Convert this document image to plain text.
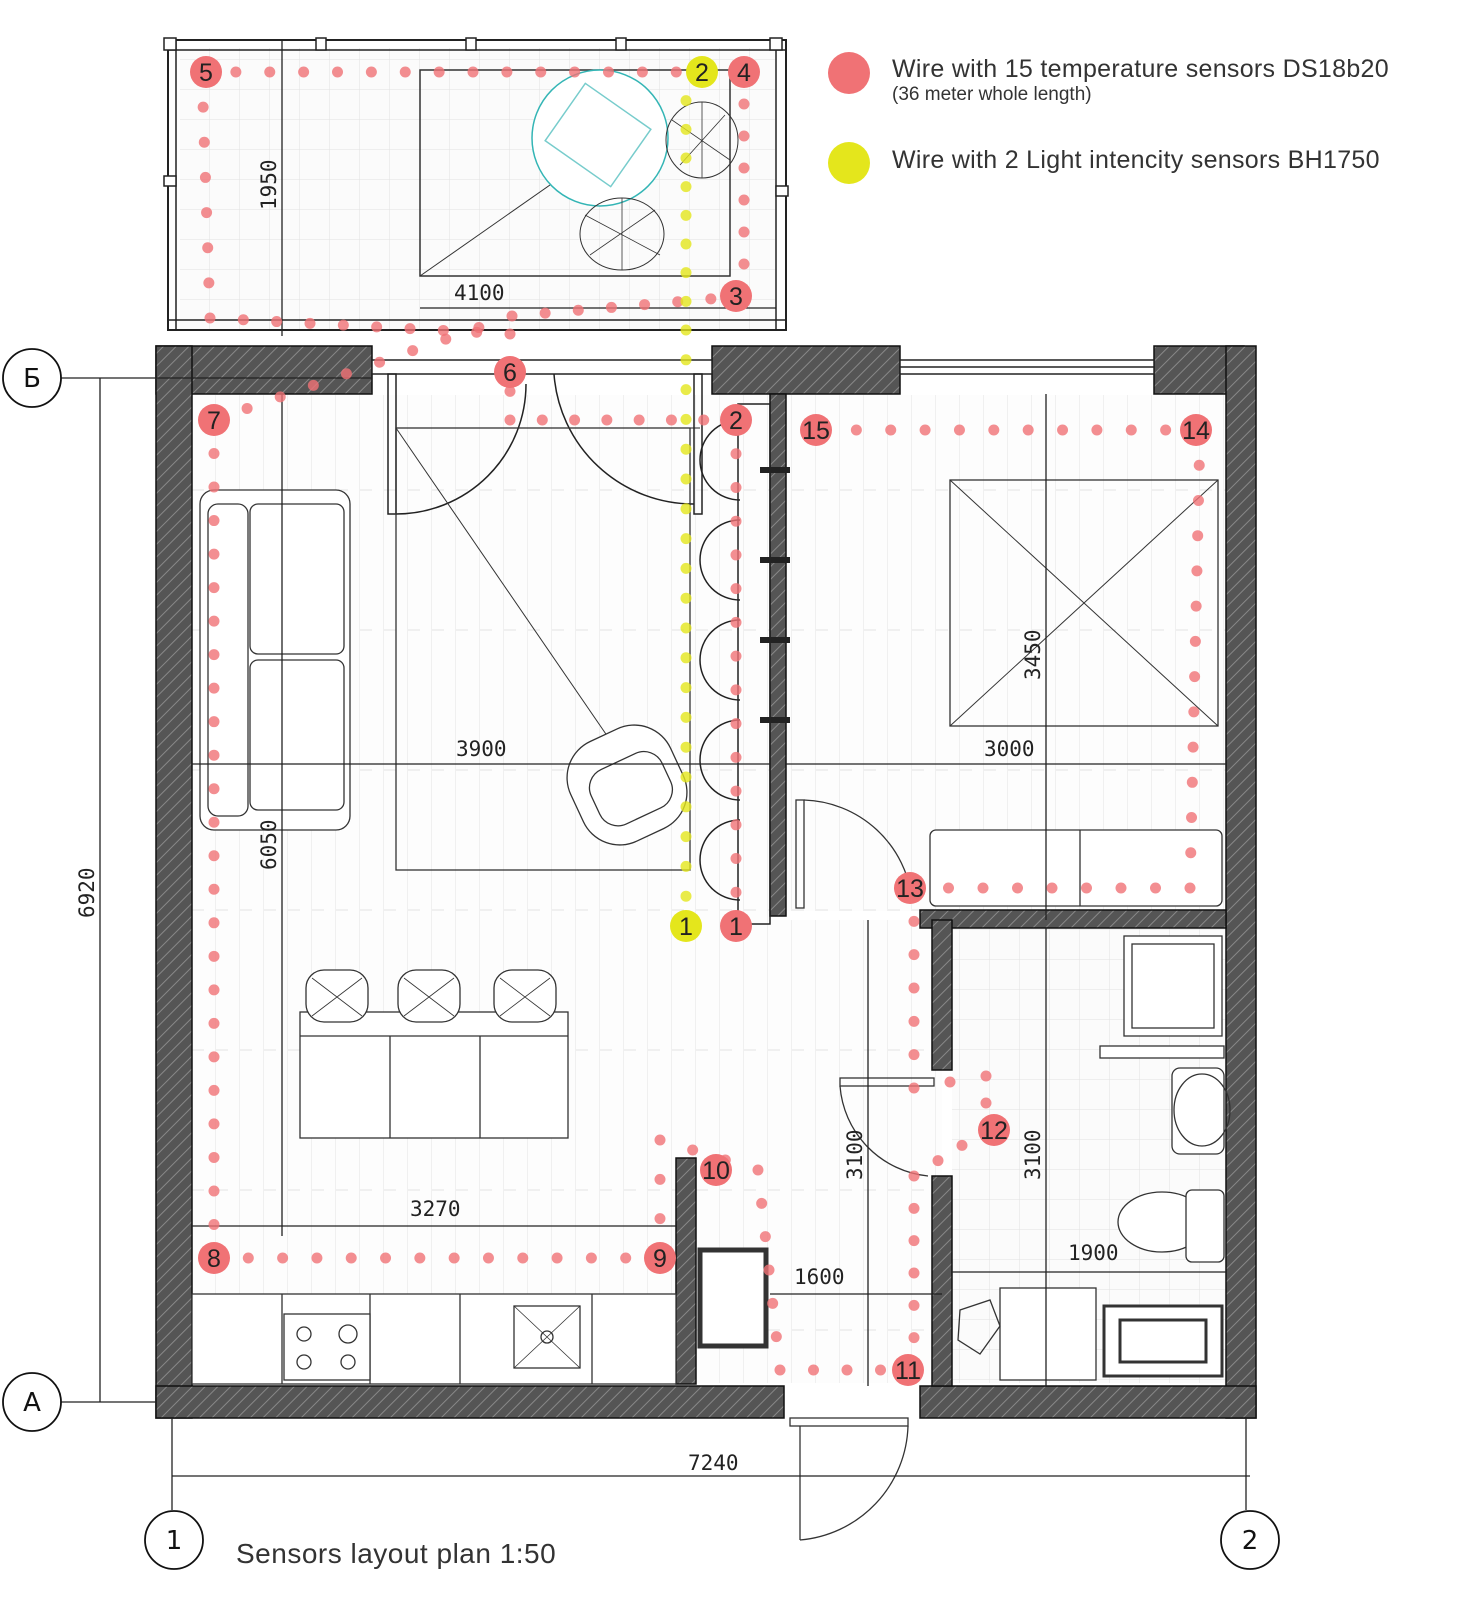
4100
1950
3900
6050
3270
3000
3450
1600
3100
1900
3100
6920
7240
Б
А
1	2
1
2
3
4
5
6
7
8	9
10
11
12
13
14
15
1
2	Wire with 15 temperature sensors DS18b20
(36 meter whole length)
Wire with 2 Light intencity sensors BH1750
Sensors layout plan 1:50
